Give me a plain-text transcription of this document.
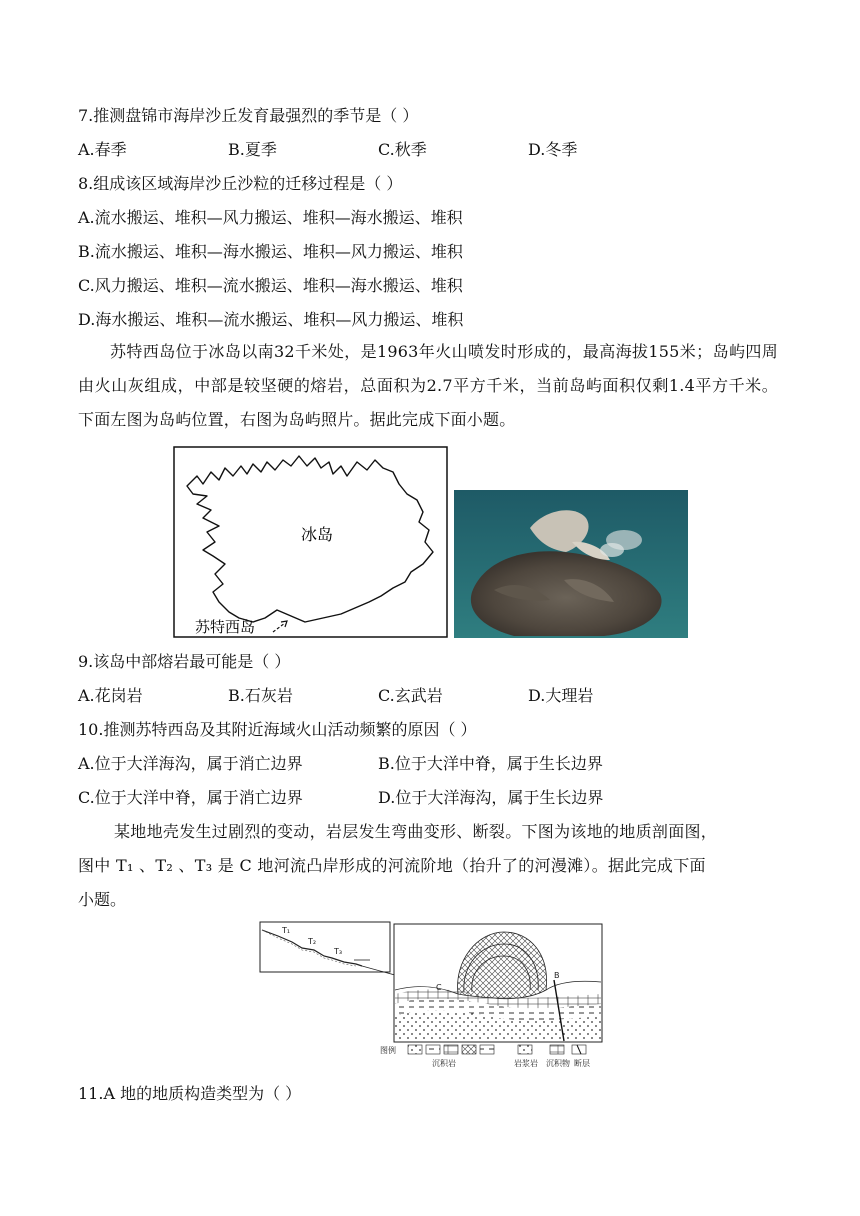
7.推测盘锦市海岸沙丘发育最强烈的季节是（ ）
A.春季	B.夏季	C.秋季	D.冬季
8.组成该区域海岸沙丘沙粒的迁移过程是（ ）
A.流水搬运、堆积—风力搬运、堆积—海水搬运、堆积
B.流水搬运、堆积—海水搬运、堆积—风力搬运、堆积
C.风力搬运、堆积—流水搬运、堆积—海水搬运、堆积
D.海水搬运、堆积—流水搬运、堆积—风力搬运、堆积
苏特西岛位于冰岛以南32千米处，是1963年火山喷发时形成的，最高海拔155米；岛屿四周由火山灰组成，中部是较坚硬的熔岩，总面积为2.7平方千米，当前岛屿面积仅剩1.4平方千米。下面左图为岛屿位置，右图为岛屿照片。据此完成下面小题。
冰岛
苏特西岛
9.该岛中部熔岩最可能是（ ）
A.花岗岩	B.石灰岩	C.玄武岩	D.大理岩
10.推测苏特西岛及其附近海域火山活动频繁的原因（ ）
A.位于大洋海沟，属于消亡边界	B.位于大洋中脊，属于生长边界
C.位于大洋中脊，属于消亡边界	D.位于大洋海沟，属于生长边界
某地地壳发生过剧烈的变动，岩层发生弯曲变形、断裂。下图为该地的地质剖面图，
图中 T₁ 、T₂ 、T₃ 是 C 地河流凸岸形成的河流阶地（抬升了的河漫滩）。据此完成下面
小题。
T₁
T₂
T₃
C
B
图例
沉积岩	岩浆岩 沉积物 断层
11.A 地的地质构造类型为（ ）
